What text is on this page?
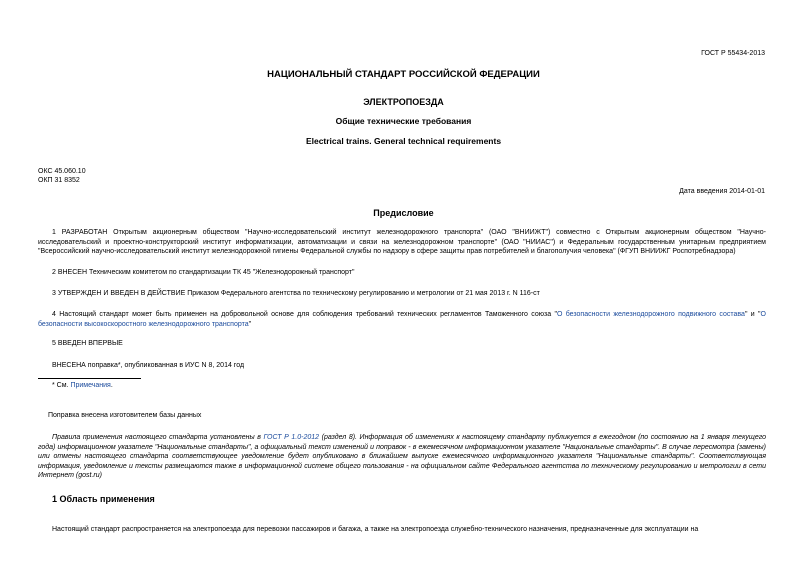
ГОСТ Р 55434-2013
НАЦИОНАЛЬНЫЙ СТАНДАРТ РОССИЙСКОЙ ФЕДЕРАЦИИ
ЭЛЕКТРОПОЕЗДА
Общие технические требования
Electrical trains. General technical requirements
ОКС 45.060.10
ОКП 31 8352
Дата введения 2014-01-01
Предисловие
1 РАЗРАБОТАН Открытым акционерным обществом "Научно-исследовательский институт железнодорожного транспорта" (ОАО "ВНИИЖТ") совместно с Открытым акционерным обществом "Научно-исследовательский и проектно-конструкторский институт информатизации, автоматизации и связи на железнодорожном транспорте" (ОАО "НИИАС") и Федеральным государственным унитарным предприятием "Всероссийский научно-исследовательский институт железнодорожной гигиены Федеральной службы по надзору в сфере защиты прав потребителей и благополучия человека" (ФГУП ВНИИЖГ Роспотребнадзора)
2 ВНЕСЕН Техническим комитетом по стандартизации ТК 45 "Железнодорожный транспорт"
3 УТВЕРЖДЕН И ВВЕДЕН В ДЕЙСТВИЕ Приказом Федерального агентства по техническому регулированию и метрологии от 21 мая 2013 г. N 116-ст
4 Настоящий стандарт может быть применен на добровольной основе для соблюдения требований технических регламентов Таможенного союза "О безопасности железнодорожного подвижного состава" и "О безопасности высокоскоростного железнодорожного транспорта"
5 ВВЕДЕН ВПЕРВЫЕ
ВНЕСЕНА поправка*, опубликованная в ИУС N 8, 2014 год
* См. Примечания.
Поправка внесена изготовителем базы данных
Правила применения настоящего стандарта установлены в ГОСТ Р 1.0-2012 (раздел 8). Информация об изменениях к настоящему стандарту публикуется в ежегодном (по состоянию на 1 января текущего года) информационном указателе "Национальные стандарты", а официальный текст изменений и поправок - в ежемесячном информационном указателе "Национальные стандарты". В случае пересмотра (замены) или отмены настоящего стандарта соответствующее уведомление будет опубликовано в ближайшем выпуске ежемесячного информационного указателя "Национальные стандарты". Соответствующая информация, уведомление и тексты размещаются также в информационной системе общего пользования - на официальном сайте Федерального агентства по техническому регулированию и метрологии в сети Интернет (gost.ru)
1 Область применения
Настоящий стандарт распространяется на электропоезда для перевозки пассажиров и багажа, а также на электропоезда служебно-технического назначения, предназначенные для эксплуатации на
